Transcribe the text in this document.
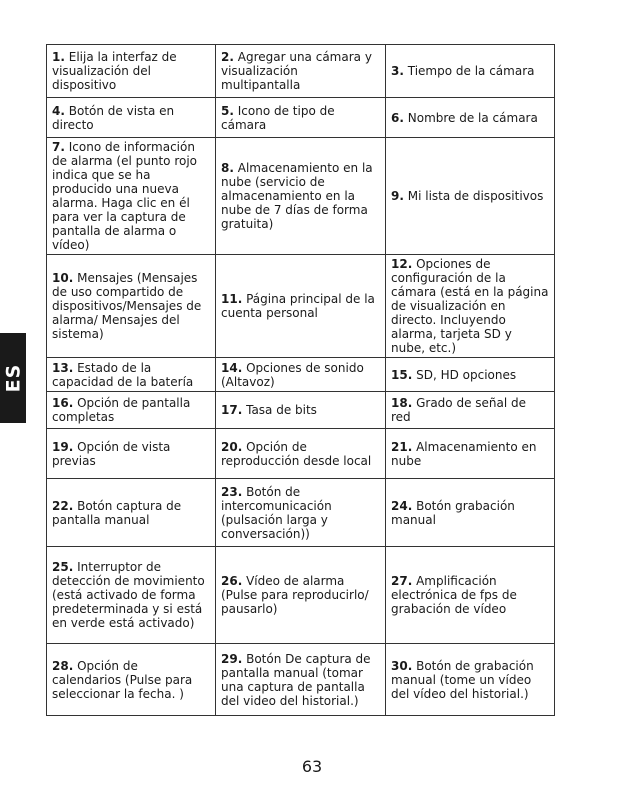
ES
1. Elija la interfaz de visualización del dispositivo	2. Agregar una cámara y visualización multipantalla	3. Tiempo de la cámara
4. Botón de vista en directo	5. Icono de tipo de cámara	6. Nombre de la cámara
7. Icono de información de alarma (el punto rojo indica que se ha producido una nueva alarma. Haga clic en él para ver la captura de pantalla de alarma o vídeo)	8. Almacenamiento en la nube (servicio de almacenamiento en la nube de 7 días de forma gratuita)	9. Mi lista de dispositivos
10. Mensajes (Mensajes de uso compartido de dispositivos/Mensajes de alarma/ Mensajes del sistema)	11. Página principal de la cuenta personal	12. Opciones de configuración de la cámara (está en la página de visualización en directo. Incluyendo alarma, tarjeta SD y nube, etc.)
13. Estado de la capacidad de la batería	14. Opciones de sonido (Altavoz)	15. SD, HD opciones
16. Opción de pantalla completas	17. Tasa de bits	18. Grado de señal de red
19. Opción de vista previas	20. Opción de reproducción desde local	21. Almacenamiento en nube
22. Botón captura de pantalla manual	23. Botón de intercomunicación (pulsación larga y conversación))	24. Botón grabación manual
25. Interruptor de detección de movimiento (está activado de forma predeterminada y si está en verde está activado)	26. Vídeo de alarma (Pulse para reproducirlo/ pausarlo)	27. Amplificación electrónica de fps de grabación de vídeo
28. Opción de calendarios (Pulse para seleccionar la fecha. )	29. Botón De captura de pantalla manual (tomar una captura de pantalla del video del historial.)	30. Botón de grabación manual (tome un vídeo del vídeo del historial.)
63
